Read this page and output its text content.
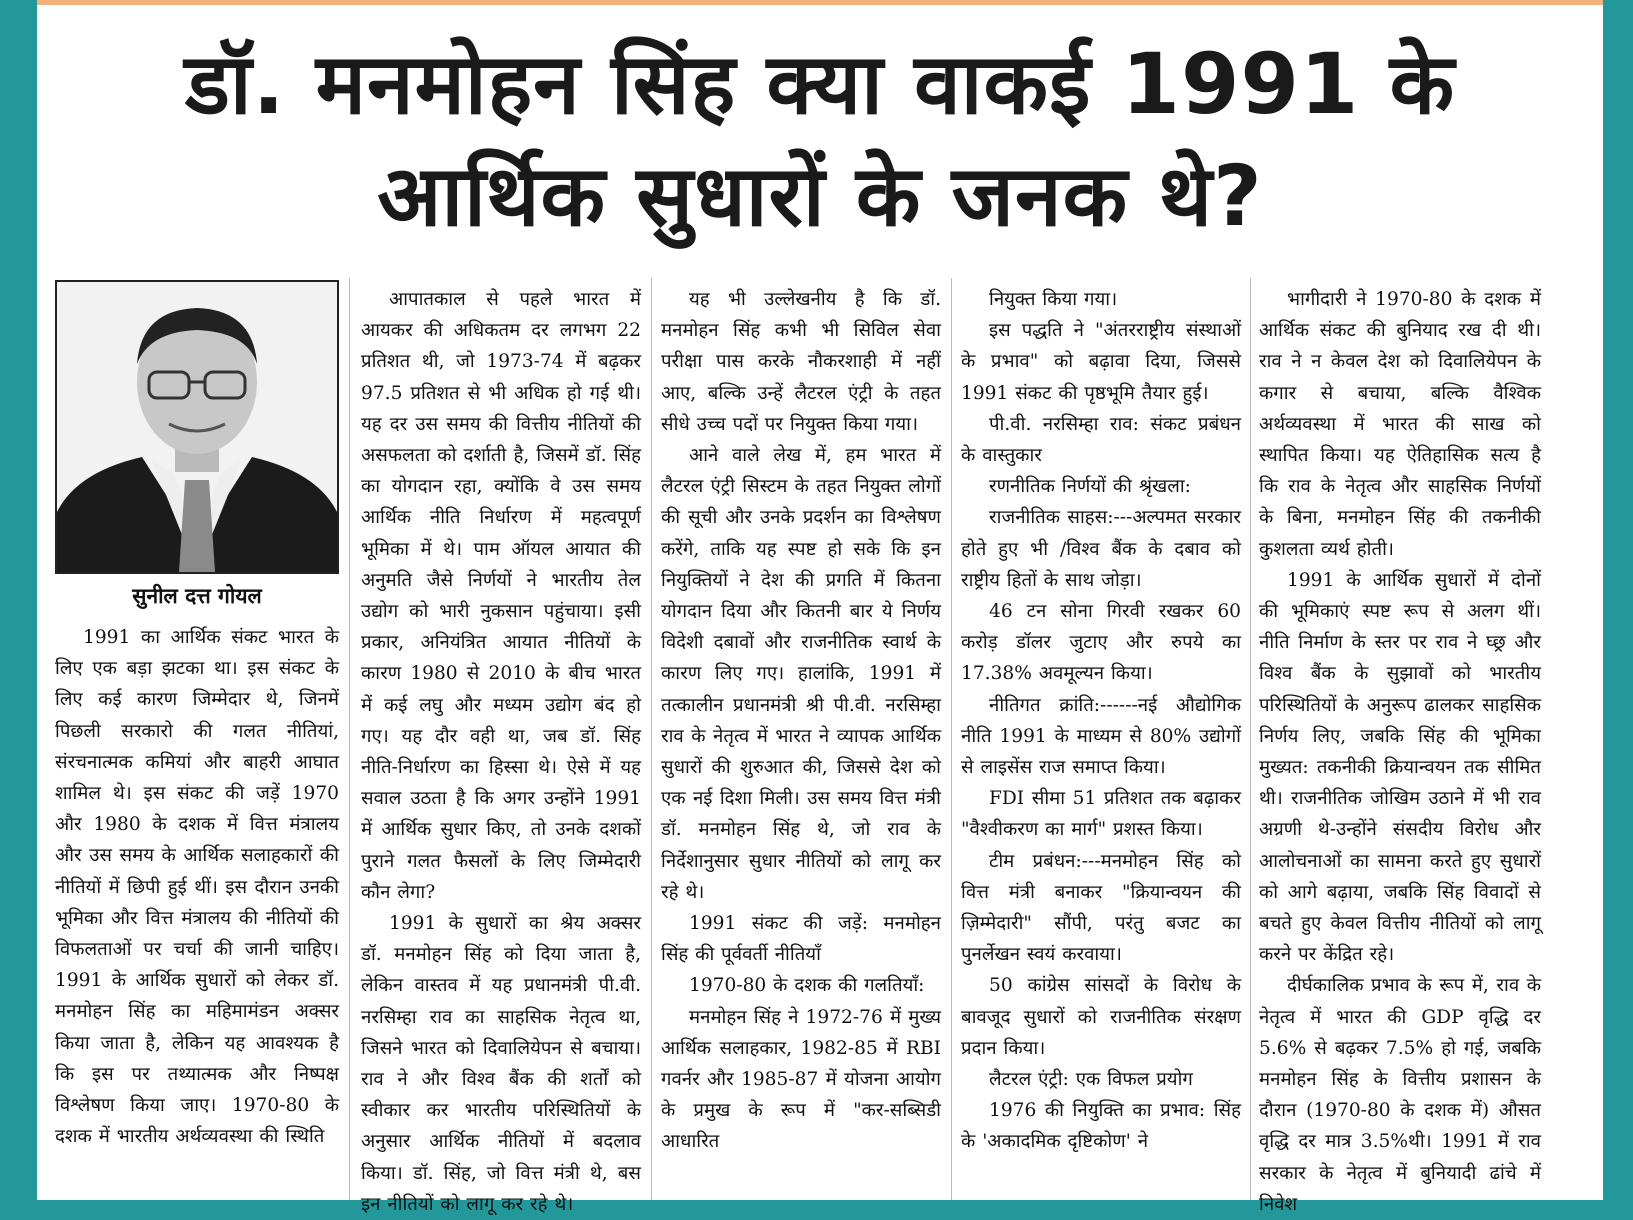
डॉ. मनमोहन सिंह क्या वाकई 1991 के
आर्थिक सुधारों के जनक थे?
सुनील दत्त गोयल

1991 का आर्थिक संकट भारत के लिए एक बड़ा झटका था। इस संकट के लिए कई कारण जिम्मेदार थे, जिनमें पिछली सरकारो की गलत नीतियां, संरचनात्मक कमियां और बाहरी आघात शामिल थे। इस संकट की जड़ें 1970 और 1980 के दशक में वित्त मंत्रालय और उस समय के आर्थिक सलाहकारों की नीतियों में छिपी हुई थीं। इस दौरान उनकी भूमिका और वित्त मंत्रालय की नीतियों की विफलताओं पर चर्चा की जानी चाहिए। 1991 के आर्थिक सुधारों को लेकर डॉ. मनमोहन सिंह का महिमामंडन अक्सर किया जाता है, लेकिन यह आवश्यक है कि इस पर तथ्यात्मक और निष्पक्ष विश्लेषण किया जाए। 1970-80 के दशक में भारतीय अर्थव्यवस्था की स्थिति

आपातकाल से पहले भारत में आयकर की अधिकतम दर लगभग 22 प्रतिशत थी, जो 1973-74 में बढ़कर 97.5 प्रतिशत से भी अधिक हो गई थी। यह दर उस समय की वित्तीय नीतियों की असफलता को दर्शाती है, जिसमें डॉ. सिंह का योगदान रहा, क्योंकि वे उस समय आर्थिक नीति निर्धारण में महत्वपूर्ण भूमिका में थे। पाम ऑयल आयात की अनुमति जैसे निर्णयों ने भारतीय तेल उद्योग को भारी नुकसान पहुंचाया। इसी प्रकार, अनियंत्रित आयात नीतियों के कारण 1980 से 2010 के बीच भारत में कई लघु और मध्यम उद्योग बंद हो गए। यह दौर वही था, जब डॉ. सिंह नीति-निर्धारण का हिस्सा थे। ऐसे में यह सवाल उठता है कि अगर उन्होंने 1991 में आर्थिक सुधार किए, तो उनके दशकों पुराने गलत फैसलों के लिए जिम्मेदारी कौन लेगा?

1991 के सुधारों का श्रेय अक्सर डॉ. मनमोहन सिंह को दिया जाता है, लेकिन वास्तव में यह प्रधानमंत्री पी.वी. नरसिम्हा राव का साहसिक नेतृत्व था, जिसने भारत को दिवालियेपन से बचाया। राव ने और विश्व बैंक की शर्तों को स्वीकार कर भारतीय परिस्थितियों के अनुसार आर्थिक नीतियों में बदलाव किया। डॉ. सिंह, जो वित्त मंत्री थे, बस इन नीतियों को लागू कर रहे थे।

यह भी उल्लेखनीय है कि डॉ. मनमोहन सिंह कभी भी सिविल सेवा परीक्षा पास करके नौकरशाही में नहीं आए, बल्कि उन्हें लैटरल एंट्री के तहत सीधे उच्च पदों पर नियुक्त किया गया।

आने वाले लेख में, हम भारत में लैटरल एंट्री सिस्टम के तहत नियुक्त लोगों की सूची और उनके प्रदर्शन का विश्लेषण करेंगे, ताकि यह स्पष्ट हो सके कि इन नियुक्तियों ने देश की प्रगति में कितना योगदान दिया और कितनी बार ये निर्णय विदेशी दबावों और राजनीतिक स्वार्थ के कारण लिए गए। हालांकि, 1991 में तत्कालीन प्रधानमंत्री श्री पी.वी. नरसिम्हा राव के नेतृत्व में भारत ने व्यापक आर्थिक सुधारों की शुरुआत की, जिससे देश को एक नई दिशा मिली। उस समय वित्त मंत्री डॉ. मनमोहन सिंह थे, जो राव के निर्देशानुसार सुधार नीतियों को लागू कर रहे थे।

1991 संकट की जड़ें: मनमोहन सिंह की पूर्ववर्ती नीतियाँ

1970-80 के दशक की गलतियाँ:

मनमोहन सिंह ने 1972-76 में मुख्य आर्थिक सलाहकार, 1982-85 में RBI गवर्नर और 1985-87 में योजना आयोग के प्रमुख के रूप में "कर-सब्सिडी आधारित

नियुक्त किया गया।

इस पद्धति ने "अंतरराष्ट्रीय संस्थाओं के प्रभाव" को बढ़ावा दिया, जिससे 1991 संकट की पृष्ठभूमि तैयार हुई।

पी.वी. नरसिम्हा राव: संकट प्रबंधन के वास्तुकार

रणनीतिक निर्णयों की श्रृंखला:

राजनीतिक साहस:---अल्पमत सरकार होते हुए भी /विश्व बैंक के दबाव को राष्ट्रीय हितों के साथ जोड़ा।

46 टन सोना गिरवी रखकर 60 करोड़ डॉलर जुटाए और रुपये का 17.38% अवमूल्यन किया।

नीतिगत क्रांति:------नई औद्योगिक नीति 1991 के माध्यम से 80% उद्योगों से लाइसेंस राज समाप्त किया।

FDI सीमा 51 प्रतिशत तक बढ़ाकर "वैश्वीकरण का मार्ग" प्रशस्त किया।

टीम प्रबंधन:---मनमोहन सिंह को वित्त मंत्री बनाकर "क्रियान्वयन की ज़िम्मेदारी" सौंपी, परंतु बजट का पुनर्लेखन स्वयं करवाया।

50 कांग्रेस सांसदों के विरोध के बावजूद सुधारों को राजनीतिक संरक्षण प्रदान किया।

लैटरल एंट्री: एक विफल प्रयोग

1976 की नियुक्ति का प्रभाव: सिंह के 'अकादमिक दृष्टिकोण' ने

भागीदारी ने 1970-80 के दशक में आर्थिक संकट की बुनियाद रख दी थी। राव ने न केवल देश को दिवालियेपन के कगार से बचाया, बल्कि वैश्विक अर्थव्यवस्था में भारत की साख को स्थापित किया। यह ऐतिहासिक सत्य है कि राव के नेतृत्व और साहसिक निर्णयों के बिना, मनमोहन सिंह की तकनीकी कुशलता व्यर्थ होती।

1991 के आर्थिक सुधारों में दोनों की भूमिकाएं स्पष्ट रूप से अलग थीं। नीति निर्माण के स्तर पर राव ने घ्छ्र और विश्व बैंक के सुझावों को भारतीय परिस्थितियों के अनुरूप ढालकर साहसिक निर्णय लिए, जबकि सिंह की भूमिका मुख्यत: तकनीकी क्रियान्वयन तक सीमित थी। राजनीतिक जोखिम उठाने में भी राव अग्रणी थे-उन्होंने संसदीय विरोध और आलोचनाओं का सामना करते हुए सुधारों को आगे बढ़ाया, जबकि सिंह विवादों से बचते हुए केवल वित्तीय नीतियों को लागू करने पर केंद्रित रहे।

दीर्घकालिक प्रभाव के रूप में, राव के नेतृत्व में भारत की GDP वृद्धि दर 5.6% से बढ़कर 7.5% हो गई, जबकि मनमोहन सिंह के वित्तीय प्रशासन के दौरान (1970-80 के दशक में) औसत वृद्धि दर मात्र 3.5%थी। 1991 में राव सरकार के नेतृत्व में बुनियादी ढांचे में निवेश
